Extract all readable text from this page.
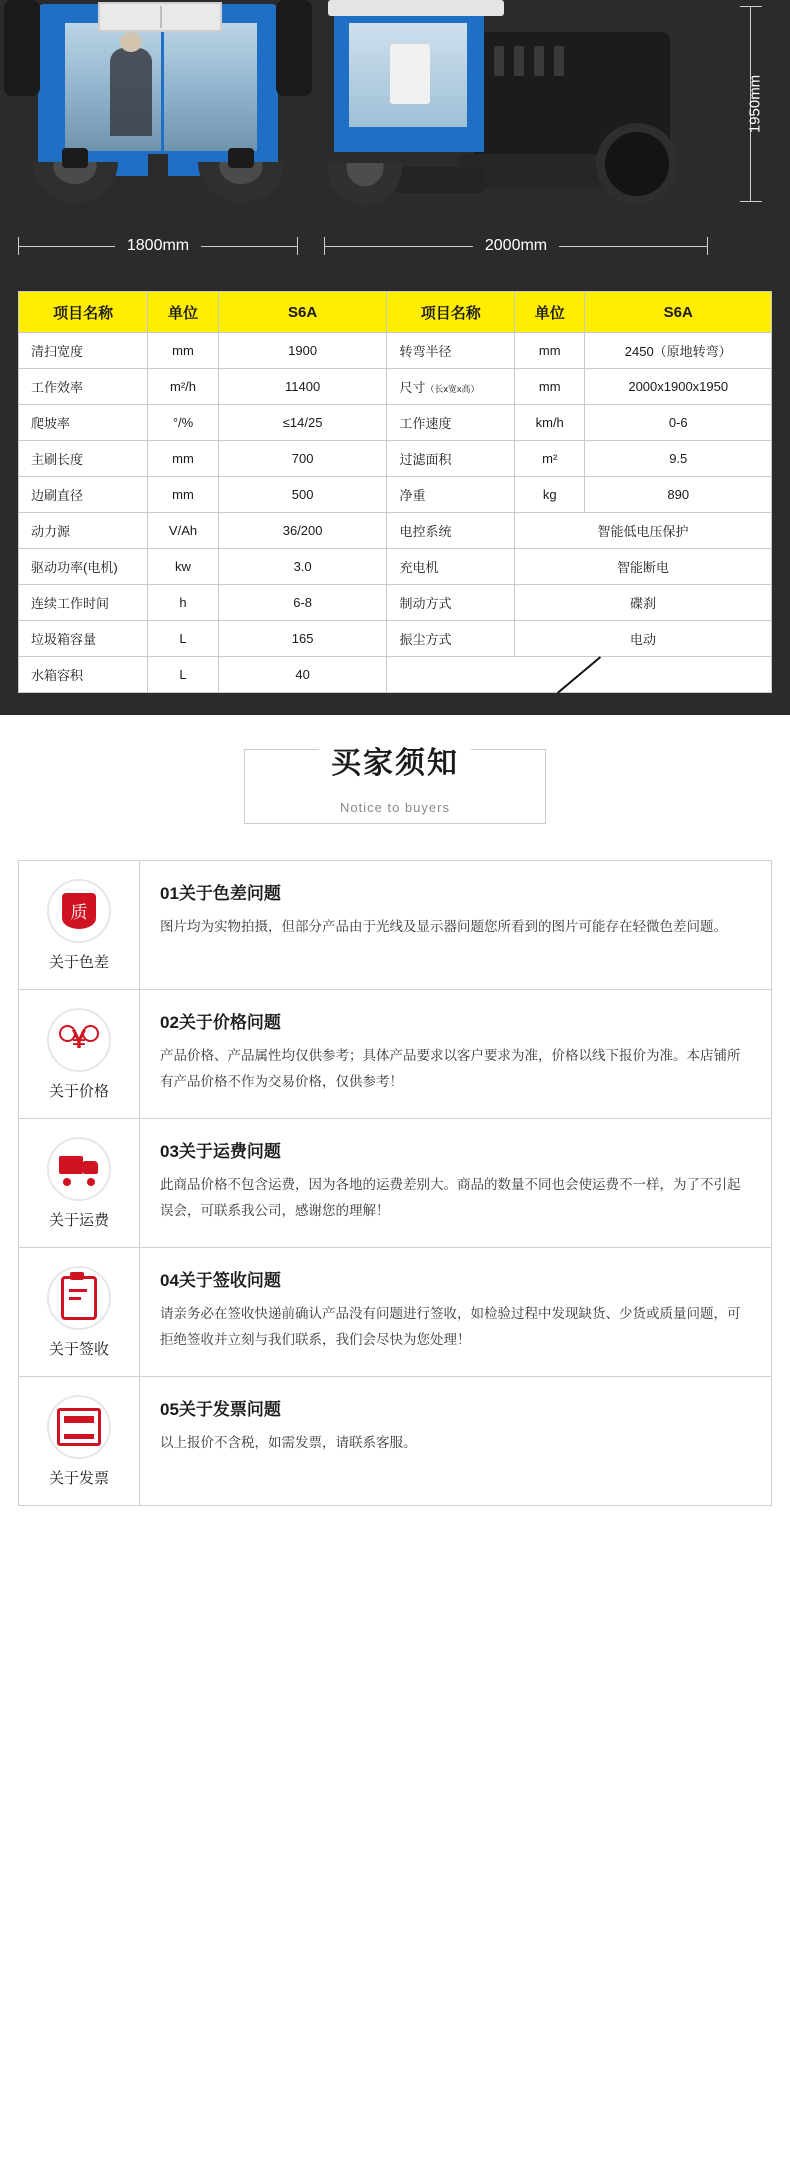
1950mm
1800mm	2000mm
项目名称	单位	S6A	项目名称	单位	S6A
清扫宽度	mm	1900	转弯半径	mm	2450（原地转弯）
工作效率	m²/h	11400	尺寸（长x宽x高）	mm	2000x1900x1950
爬坡率	°/%	≤14/25	工作速度	km/h	0-6
主刷长度	mm	700	过滤面积	m²	9.5
边刷直径	mm	500	净重	kg	890
动力源	V/Ah	36/200	电控系统	智能低电压保护	
驱动功率(电机)	kw	3.0	充电机	智能断电	
连续工作时间	h	6-8	制动方式	碟刹	
垃圾箱容量	L	165	振尘方式	电动	
水箱容积	L	40			
买家须知
Notice to buyers
质
关于色差
01关于色差问题
图片均为实物拍摄，但部分产品由于光线及显示器问题您所看到的图片可能存在轻微色差问题。
¥
关于价格
02关于价格问题
产品价格、产品属性均仅供参考；具体产品要求以客户要求为准，价格以线下报价为准。本店铺所有产品价格不作为交易价格，仅供参考！
关于运费
03关于运费问题
此商品价格不包含运费，因为各地的运费差别大。商品的数量不同也会使运费不一样，为了不引起误会，可联系我公司，感谢您的理解！
关于签收
04关于签收问题
请亲务必在签收快递前确认产品没有问题进行签收，如检验过程中发现缺货、少货或质量问题，可拒绝签收并立刻与我们联系，我们会尽快为您处理！
关于发票
05关于发票问题
以上报价不含税，如需发票，请联系客服。
